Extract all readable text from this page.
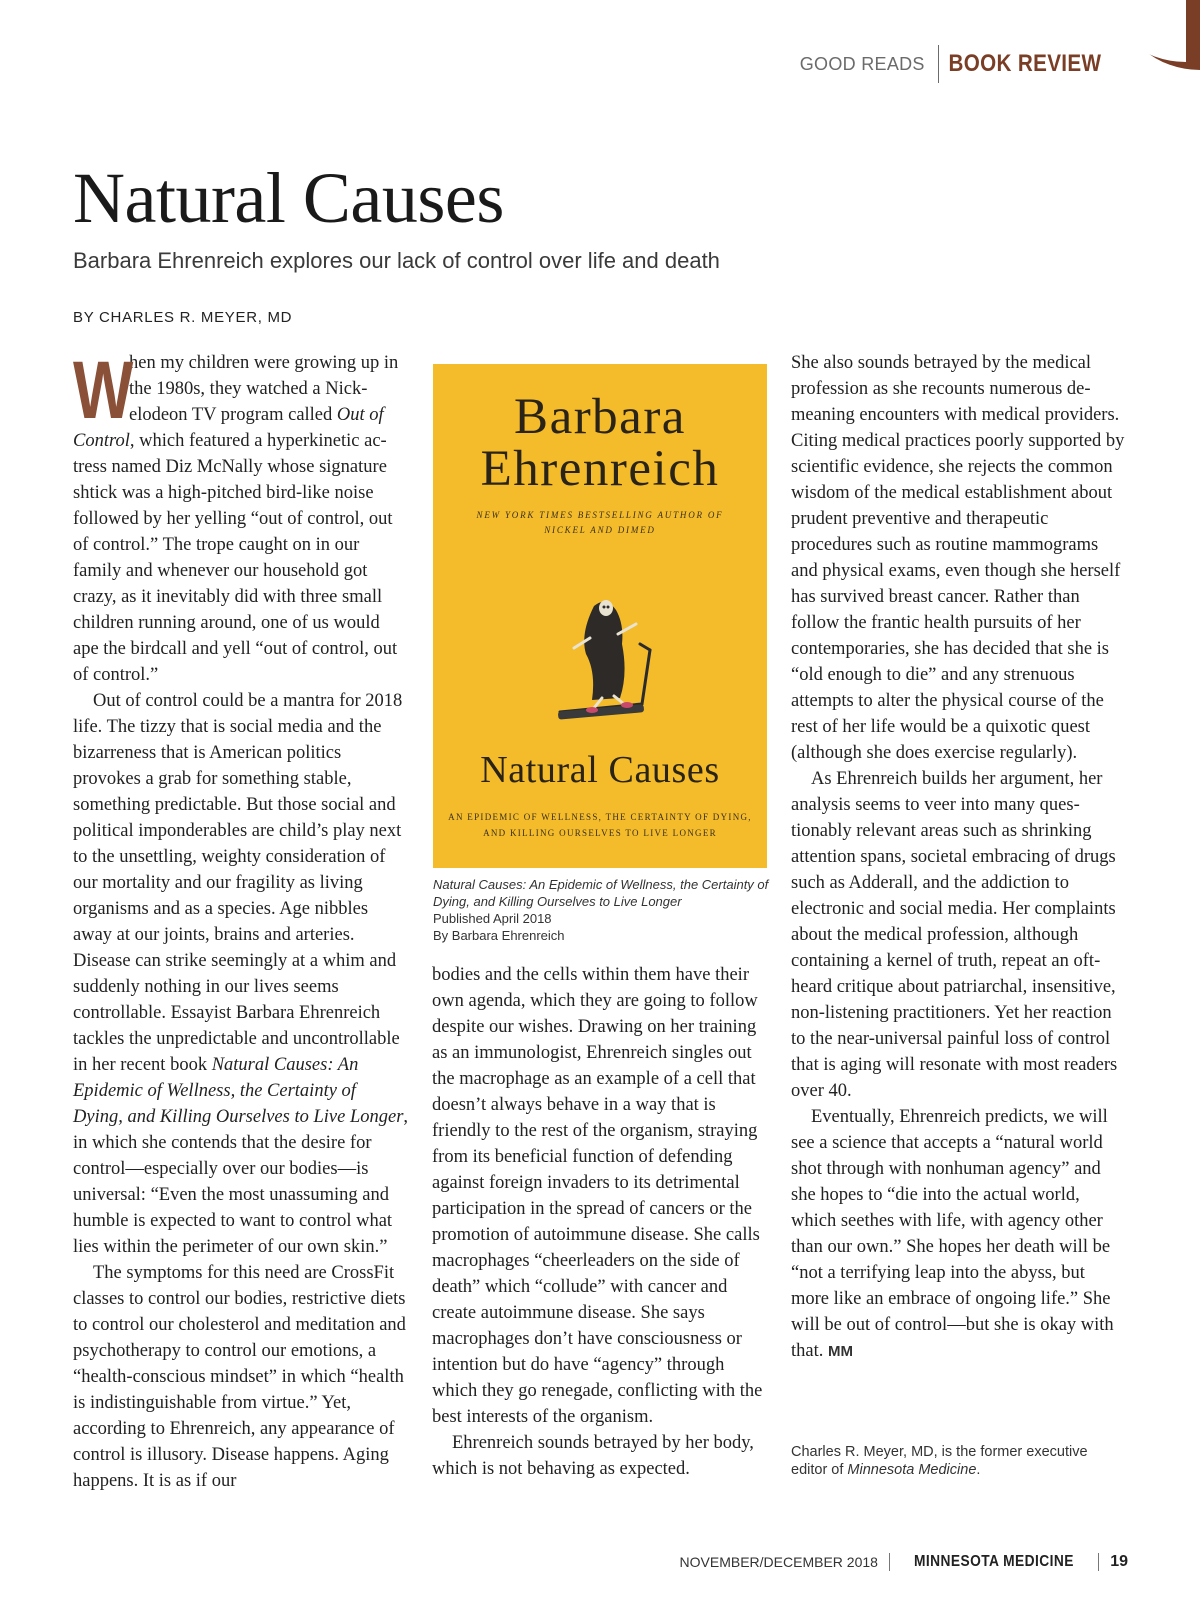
GOOD READS BOOK REVIEW
Natural Causes
Barbara Ehrenreich explores our lack of control over life and death
BY CHARLES R. MEYER, MD

W
hen my children were growing up in the 1980s, they watched a Nickelodeon TV program called Out of Control, which featured a hyperkinetic actress named Diz McNally whose signature shtick was a high-pitched bird-like noise followed by her yelling “out of control, out of control.” The trope caught on in our family and whenever our household got crazy, as it inevitably did with three small children running around, one of us would ape the birdcall and yell “out of control, out of control.”

Out of control could be a mantra for 2018 life. The tizzy that is social media and the bizarreness that is American politics provokes a grab for something stable, something predictable. But those social and political imponderables are child’s play next to the unsettling, weighty consideration of our mortality and our fragility as living organisms and as a species. Age nibbles away at our joints, brains and arteries. Disease can strike seemingly at a whim and suddenly nothing in our lives seems controllable. Essayist Barbara Ehrenreich tackles the unpredictable and uncontrollable in her recent book Natural Causes: An Epidemic of Wellness, the Certainty of Dying, and Killing Ourselves to Live Longer, in which she contends that the desire for control—especially over our bodies—is universal: “Even the most unassuming and humble is expected to want to control what lies within the perimeter of our own skin.”

The symptoms for this need are CrossFit classes to control our bodies, restrictive diets to control our cholesterol and meditation and psychotherapy to control our emotions, a “health-conscious mindset” in which “health is indistinguishable from virtue.” Yet, according to Ehrenreich, any appearance of control is illusory. Disease happens. Aging happens. It is as if our

Barbara
Ehrenreich
NEW YORK TIMES BESTSELLING AUTHOR OF
NICKEL AND DIMED
Natural Causes
AN EPIDEMIC OF WELLNESS, THE CERTAINTY OF DYING,
AND KILLING OURSELVES TO LIVE LONGER
Natural Causes: An Epidemic of Wellness, the Certainty of Dying, and Killing Ourselves to Live Longer
Published April 2018
By Barbara Ehrenreich

bodies and the cells within them have their own agenda, which they are going to follow despite our wishes. Drawing on her training as an immunologist, Ehrenreich singles out the macrophage as an example of a cell that doesn’t always behave in a way that is friendly to the rest of the organism, straying from its beneficial function of defending against foreign invaders to its detrimental participation in the spread of cancers or the promotion of autoimmune disease. She calls macrophages “cheerleaders on the side of death” which “collude” with cancer and create autoimmune disease. She says macrophages don’t have consciousness or intention but do have “agency” through which they go renegade, conflicting with the best interests of the organism.

Ehrenreich sounds betrayed by her body, which is not behaving as expected.

She also sounds betrayed by the medical profession as she recounts numerous demeaning encounters with medical providers. Citing medical practices poorly supported by scientific evidence, she rejects the common wisdom of the medical establishment about prudent preventive and therapeutic procedures such as routine mammograms and physical exams, even though she herself has survived breast cancer. Rather than follow the frantic health pursuits of her contemporaries, she has decided that she is “old enough to die” and any strenuous attempts to alter the physical course of the rest of her life would be a quixotic quest (although she does exercise regularly).

As Ehrenreich builds her argument, her analysis seems to veer into many questionably relevant areas such as shrinking attention spans, societal embracing of drugs such as Adderall, and the addiction to electronic and social media. Her complaints about the medical profession, although containing a kernel of truth, repeat an oft-heard critique about patriarchal, insensitive, non-listening practitioners. Yet her reaction to the near-universal painful loss of control that is aging will resonate with most readers over 40.

Eventually, Ehrenreich predicts, we will see a science that accepts a “natural world shot through with nonhuman agency” and she hopes to “die into the actual world, which seethes with life, with agency other than our own.” She hopes her death will be “not a terrifying leap into the abyss, but more like an embrace of ongoing life.” She will be out of control—but she is okay with that. MM

Charles R. Meyer, MD, is the former executive editor of Minnesota Medicine.
NOVEMBER/DECEMBER 2018	MINNESOTA MEDICINE	19
